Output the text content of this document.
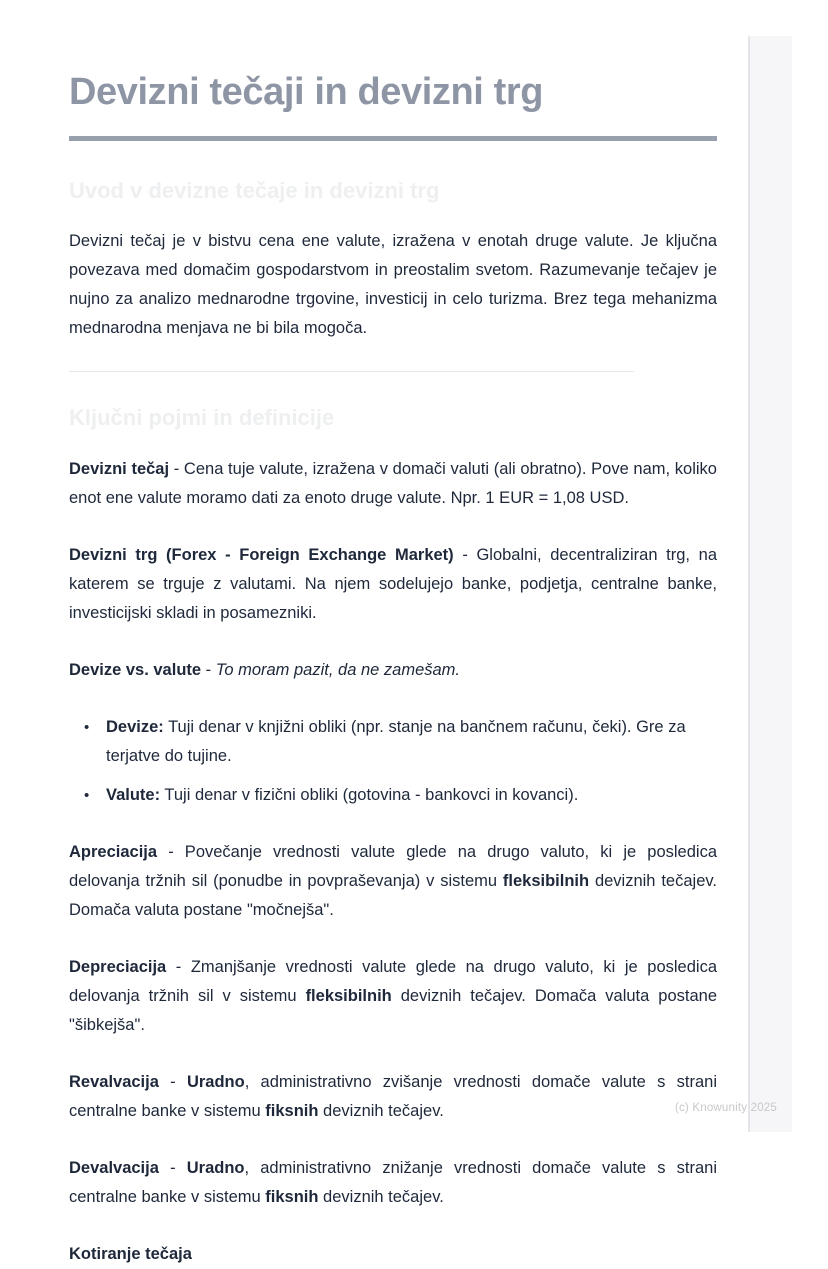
Devizni tečaji in devizni trg
Uvod v devizne tečaje in devizni trg

Devizni tečaj je v bistvu cena ene valute, izražena v enotah druge valute. Je ključna povezava med domačim gospodarstvom in preostalim svetom. Razumevanje tečajev je nujno za analizo mednarodne trgovine, investicij in celo turizma. Brez tega mehanizma mednarodna menjava ne bi bila mogoča.

Ključni pojmi in definicije

Devizni tečaj - Cena tuje valute, izražena v domači valuti (ali obratno). Pove nam, koliko enot ene valute moramo dati za enoto druge valute. Npr. 1 EUR = 1,08 USD.

Devizni trg (Forex - Foreign Exchange Market) - Globalni, decentraliziran trg, na katerem se trguje z valutami. Na njem sodelujejo banke, podjetja, centralne banke, investicijski skladi in posamezniki.

Devize vs. valute - To moram pazit, da ne zamešam.

•	Devize: Tuji denar v knjižni obliki (npr. stanje na bančnem računu, čeki). Gre za terjatve do tujine.
•	Valute: Tuji denar v fizični obliki (gotovina - bankovci in kovanci).

Apreciacija - Povečanje vrednosti valute glede na drugo valuto, ki je posledica delovanja tržnih sil (ponudbe in povpraševanja) v sistemu fleksibilnih deviznih tečajev. Domača valuta postane "močnejša".

Depreciacija - Zmanjšanje vrednosti valute glede na drugo valuto, ki je posledica delovanja tržnih sil v sistemu fleksibilnih deviznih tečajev. Domača valuta postane "šibkejša".

Revalvacija - Uradno, administrativno zvišanje vrednosti domače valute s strani centralne banke v sistemu fiksnih deviznih tečajev.

Devalvacija - Uradno, administrativno znižanje vrednosti domače valute s strani centralne banke v sistemu fiksnih deviznih tečajev.

Kotiranje tečaja

(c) Knowunity 2025
